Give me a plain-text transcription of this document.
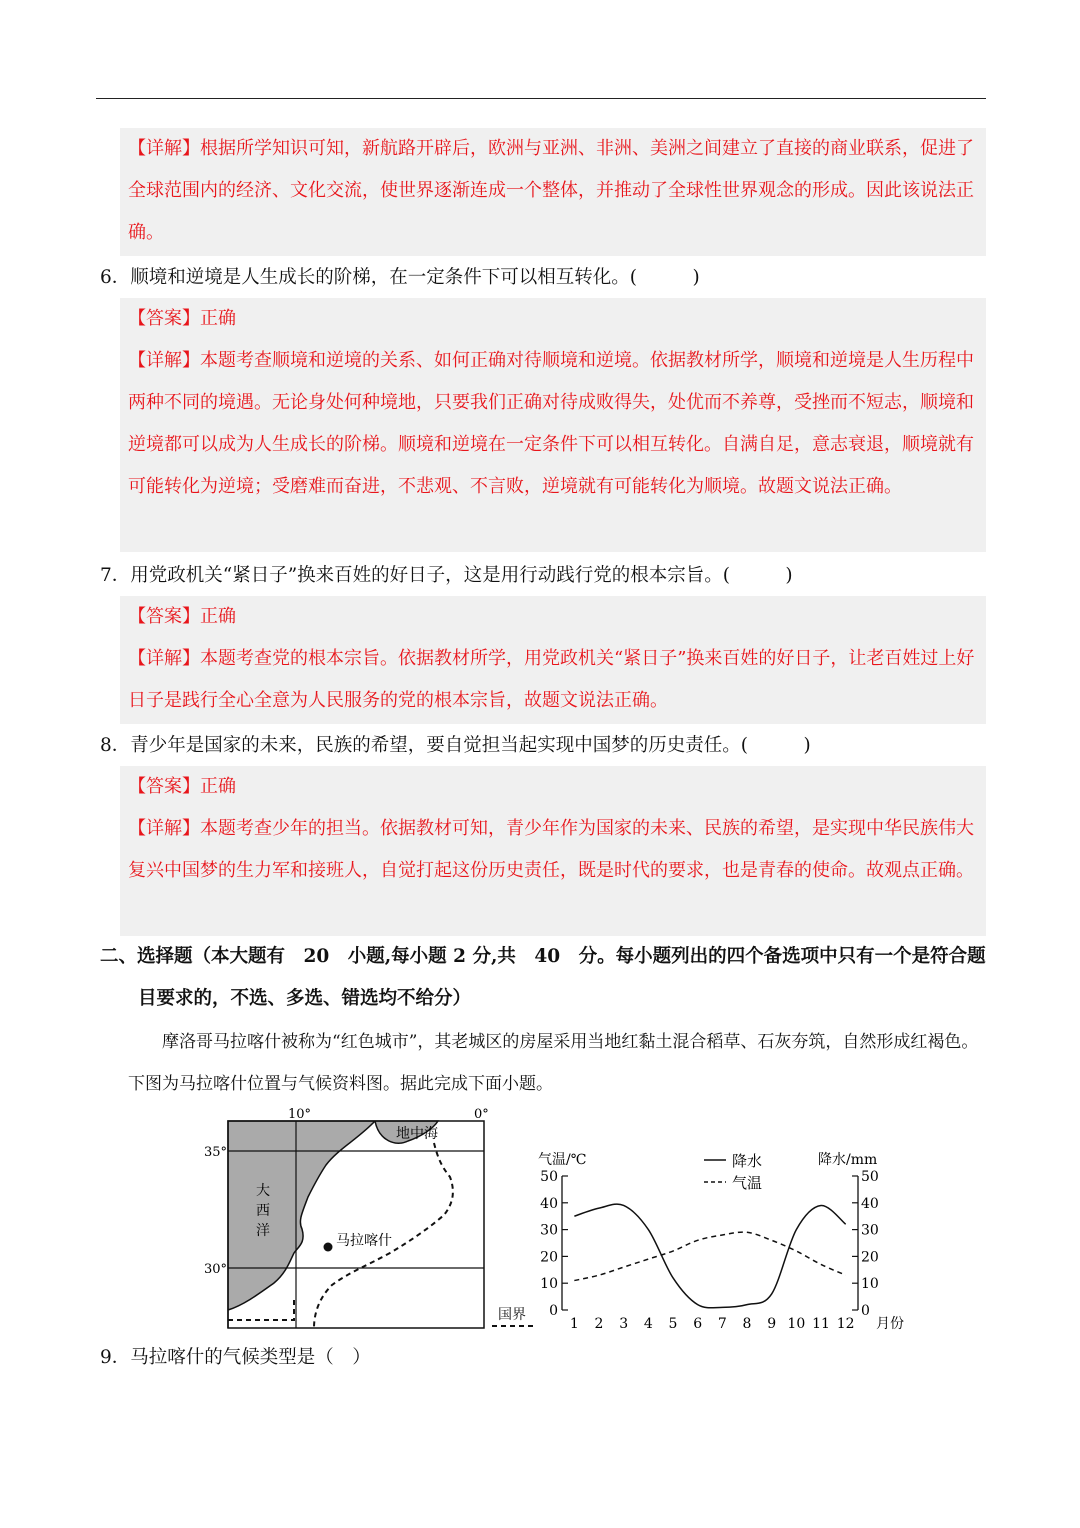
【详解】根据所学知识可知，新航路开辟后，欧洲与亚洲、非洲、美洲之间建立了直接的商业联系，促进了全球范围内的经济、文化交流，使世界逐渐连成一个整体，并推动了全球性世界观念的形成。因此该说法正确。
6．顺境和逆境是人生成长的阶梯，在一定条件下可以相互转化。(　　　)
【答案】正确
【详解】本题考查顺境和逆境的关系、如何正确对待顺境和逆境。依据教材所学，顺境和逆境是人生历程中两种不同的境遇。无论身处何种境地，只要我们正确对待成败得失，处优而不养尊，受挫而不短志，顺境和逆境都可以成为人生成长的阶梯。顺境和逆境在一定条件下可以相互转化。自满自足，意志衰退，顺境就有可能转化为逆境；受磨难而奋进，不悲观、不言败，逆境就有可能转化为顺境。故题文说法正确。
7．用党政机关“紧日子”换来百姓的好日子，这是用行动践行党的根本宗旨。(　　　)
【答案】正确
【详解】本题考查党的根本宗旨。依据教材所学，用党政机关“紧日子”换来百姓的好日子，让老百姓过上好日子是践行全心全意为人民服务的党的根本宗旨，故题文说法正确。
8．青少年是国家的未来，民族的希望，要自觉担当起实现中国梦的历史责任。(　　　)
【答案】正确
【详解】本题考查少年的担当。依据教材可知，青少年作为国家的未来、民族的希望，是实现中华民族伟大复兴中国梦的生力军和接班人，自觉打起这份历史责任，既是时代的要求，也是青春的使命。故观点正确。
二、选择题（本大题有　20　小题,每小题 2 分,共　40　分。每小题列出的四个备选项中只有一个是符合题目要求的，不选、多选、错选均不给分）
摩洛哥马拉喀什被称为“红色城市”，其老城区的房屋采用当地红黏土混合稻草、石灰夯筑，自然形成红褐色。下图为马拉喀什位置与气候资料图。据此完成下面小题。
马拉喀什
地中海
大
西
洋
10°	0°
35°
30°
国界
气温/℃	降水/mm
降水
气温
0
10
20
30
40
50
0
10
20
30
40
50
1 2 3 4 5 6 7 8 9 10 11 12 月份
9．马拉喀什的气候类型是（　）
